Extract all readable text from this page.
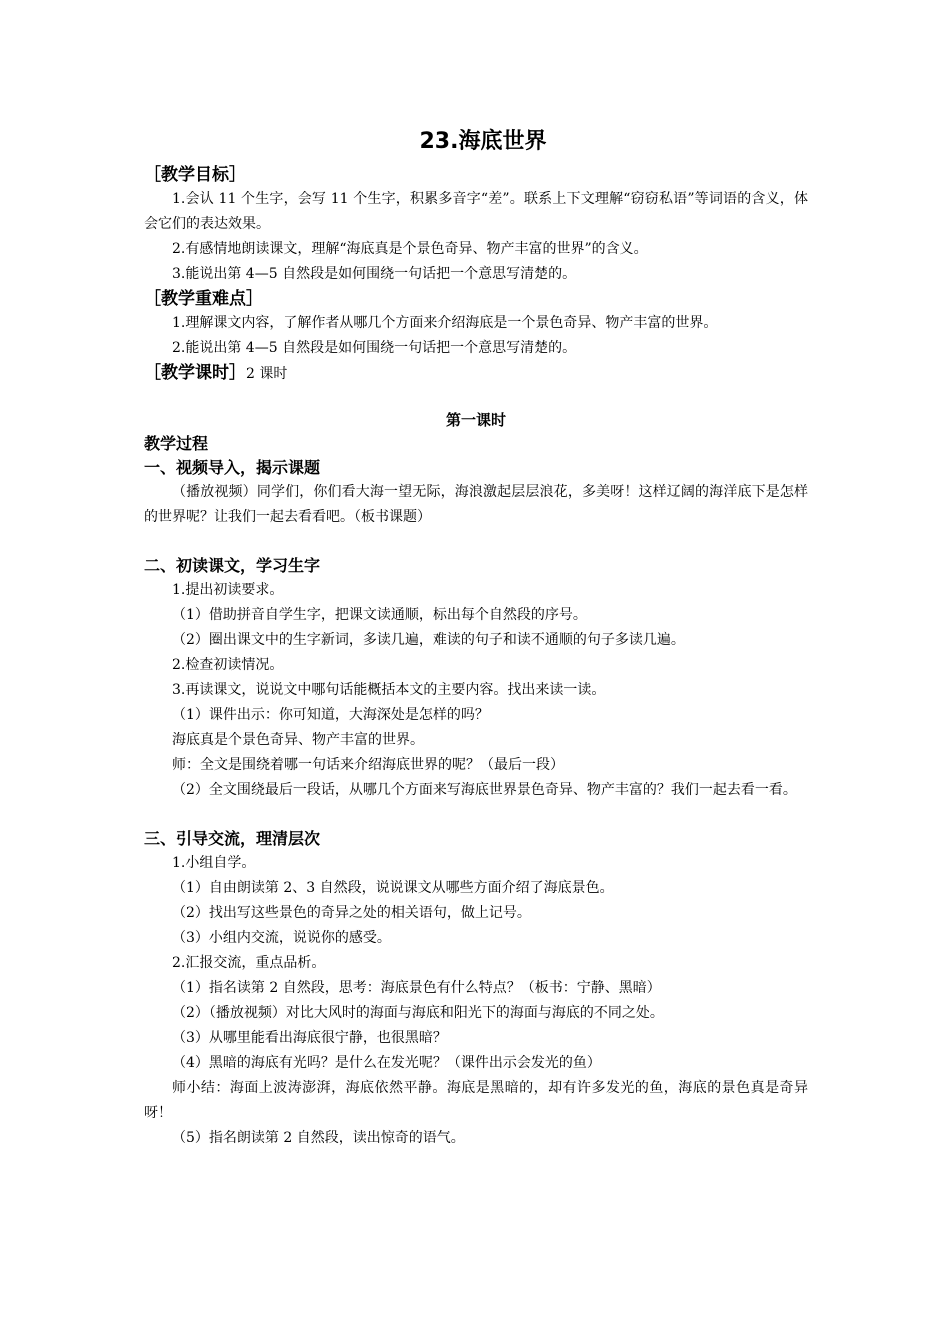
23.海底世界
［教学目标］

1.会认 11 个生字，会写 11 个生字，积累多音字“差”。联系上下文理解“窃窃私语”等词语的含义，体会它们的表达效果。

2.有感情地朗读课文，理解“海底真是个景色奇异、物产丰富的世界”的含义。

3.能说出第 4—5 自然段是如何围绕一句话把一个意思写清楚的。

［教学重难点］

1.理解课文内容，了解作者从哪几个方面来介绍海底是一个景色奇异、物产丰富的世界。

2.能说出第 4—5 自然段是如何围绕一句话把一个意思写清楚的。

［教学课时］2 课时
第一课时
教学过程
一、视频导入，揭示课题

（播放视频）同学们，你们看大海一望无际，海浪激起层层浪花，多美呀！这样辽阔的海洋底下是怎样的世界呢？让我们一起去看看吧。（板书课题）

二、初读课文，学习生字

1.提出初读要求。

（1）借助拼音自学生字，把课文读通顺，标出每个自然段的序号。

（2）圈出课文中的生字新词，多读几遍，难读的句子和读不通顺的句子多读几遍。

2.检查初读情况。

3.再读课文，说说文中哪句话能概括本文的主要内容。找出来读一读。

（1）课件出示：你可知道，大海深处是怎样的吗？

海底真是个景色奇异、物产丰富的世界。

师：全文是围绕着哪一句话来介绍海底世界的呢？（最后一段）

（2）全文围绕最后一段话，从哪几个方面来写海底世界景色奇异、物产丰富的？我们一起去看一看。

三、引导交流，理清层次

1.小组自学。

（1）自由朗读第 2、3 自然段，说说课文从哪些方面介绍了海底景色。

（2）找出写这些景色的奇异之处的相关语句，做上记号。

（3）小组内交流，说说你的感受。

2.汇报交流，重点品析。

（1）指名读第 2 自然段，思考：海底景色有什么特点？（板书：宁静、黑暗）

（2）（播放视频）对比大风时的海面与海底和阳光下的海面与海底的不同之处。

（3）从哪里能看出海底很宁静，也很黑暗？

（4）黑暗的海底有光吗？是什么在发光呢？（课件出示会发光的鱼）

师小结：海面上波涛澎湃，海底依然平静。海底是黑暗的，却有许多发光的鱼，海底的景色真是奇异呀！

（5）指名朗读第 2 自然段，读出惊奇的语气。
